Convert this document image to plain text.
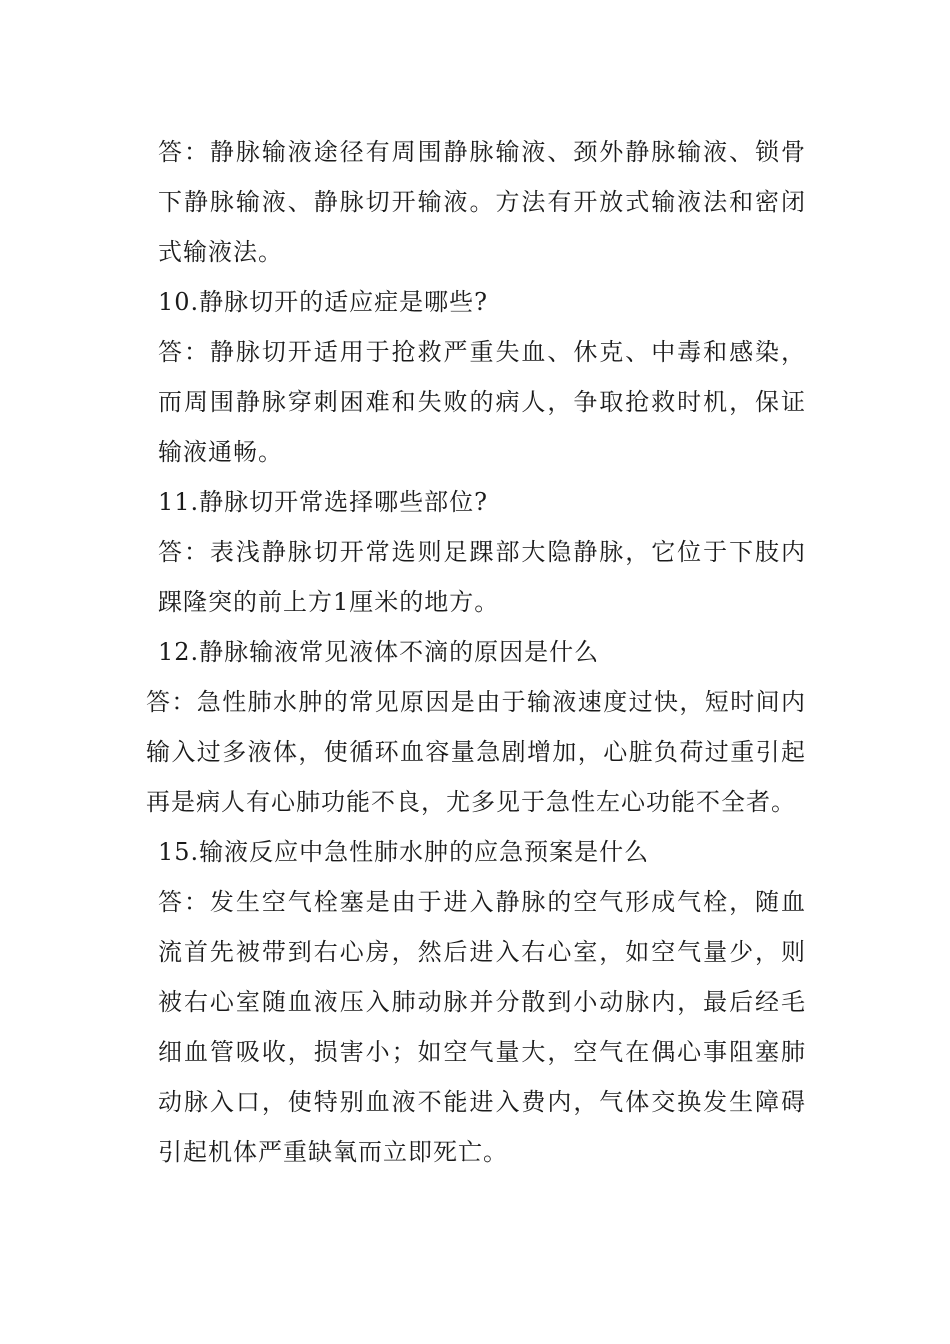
答：静脉输液途径有周围静脉输液、颈外静脉输液、锁骨下静脉输液、静脉切开输液。方法有开放式输液法和密闭式输液法。

10.静脉切开的适应症是哪些?

答：静脉切开适用于抢救严重失血、休克、中毒和感染，而周围静脉穿刺困难和失败的病人，争取抢救时机，保证输液通畅。

11.静脉切开常选择哪些部位?

答：表浅静脉切开常选则足踝部大隐静脉，它位于下肢内踝隆突的前上方1厘米的地方。

12.静脉输液常见液体不滴的原因是什么

答：急性肺水肿的常见原因是由于输液速度过快，短时间内输入过多液体，使循环血容量急剧增加，心脏负荷过重引起再是病人有心肺功能不良，尤多见于急性左心功能不全者。

15.输液反应中急性肺水肿的应急预案是什么

答：发生空气栓塞是由于进入静脉的空气形成气栓，随血流首先被带到右心房，然后进入右心室，如空气量少，则被右心室随血液压入肺动脉并分散到小动脉内，最后经毛细血管吸收，损害小；如空气量大，空气在偶心事阻塞肺动脉入口，使特别血液不能进入费内，气体交换发生障碍引起机体严重缺氧而立即死亡。
